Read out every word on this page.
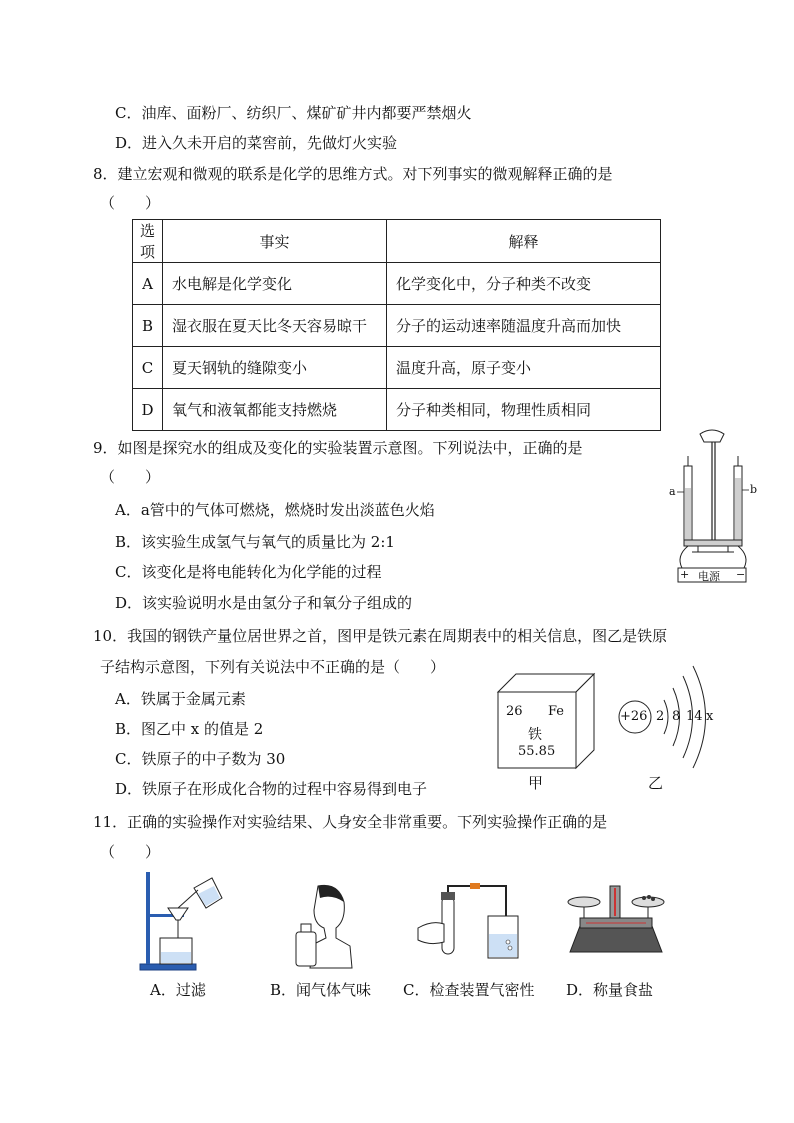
C．油库、面粉厂、纺织厂、煤矿矿井内都要严禁烟火
D．进入久未开启的菜窖前，先做灯火实验
8．建立宏观和微观的联系是化学的思维方式。对下列事实的微观解释正确的是
（　　）
选项	事实	解释
A	水电解是化学变化	化学变化中，分子种类不改变
B	湿衣服在夏天比冬天容易晾干	分子的运动速率随温度升高而加快
C	夏天钢轨的缝隙变小	温度升高，原子变小
D	氧气和液氧都能支持燃烧	分子种类相同，物理性质相同
9．如图是探究水的组成及变化的实验装置示意图。下列说法中，正确的是
（　　）
A．a管中的气体可燃烧，燃烧时发出淡蓝色火焰
B．该实验生成氢气与氧气的质量比为 2:1
C．该变化是将电能转化为化学能的过程
D．该实验说明水是由氢分子和氧分子组成的
a	b
电源
+	−
10．我国的钢铁产量位居世界之首，图甲是铁元素在周期表中的相关信息，图乙是铁原
子结构示意图，下列有关说法中不正确的是（　　）
A．铁属于金属元素
B．图乙中 x 的值是 2
C．铁原子的中子数为 30
D．铁原子在形成化合物的过程中容易得到电子
26 Fe
铁
55.85
甲
+26 2 8 14 x
乙
11．正确的实验操作对实验结果、人身安全非常重要。下列实验操作正确的是
（　　）
A．过滤	B．闻气体气味 C．检查装置气密性 D．称量食盐
